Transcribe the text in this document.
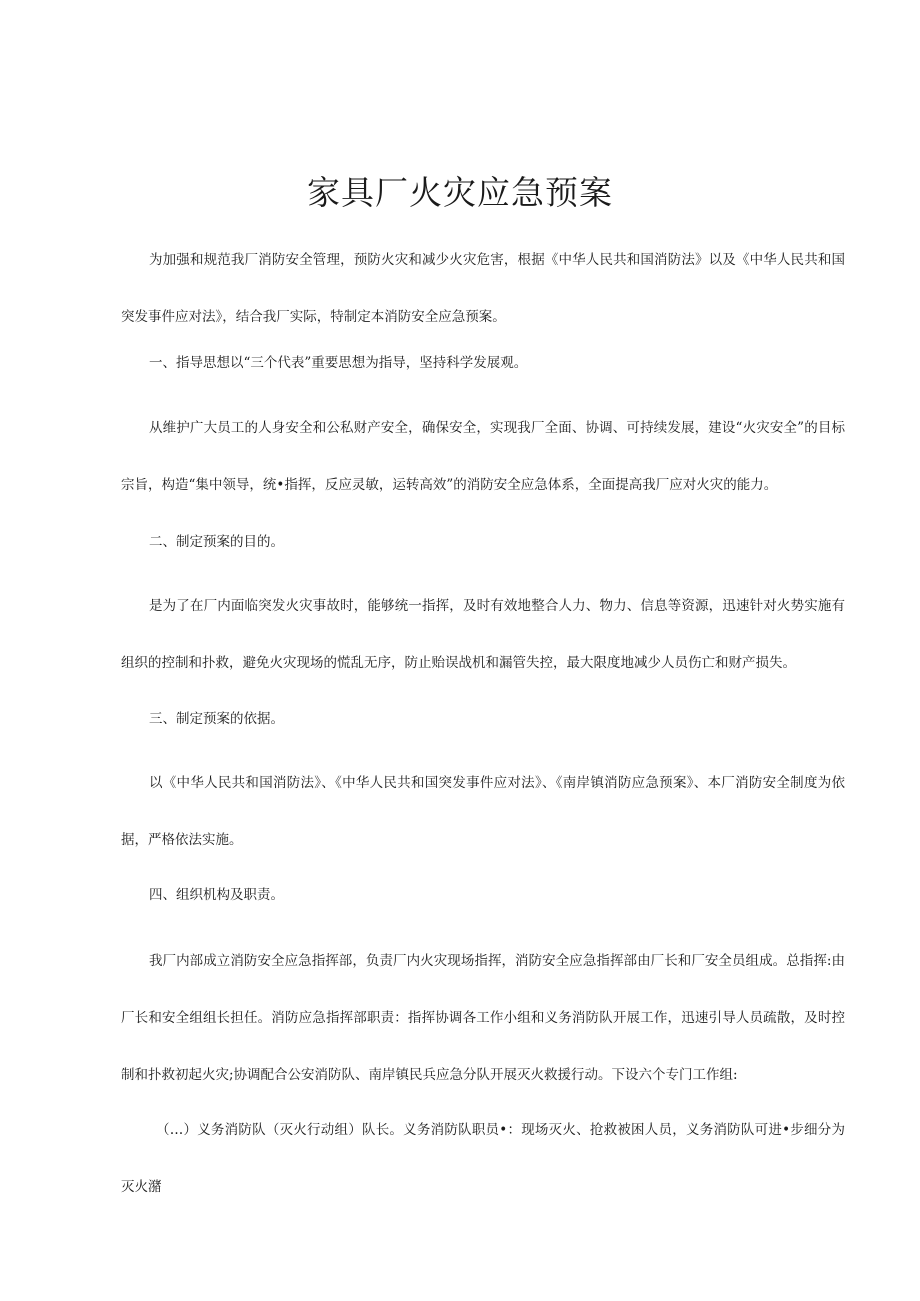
家具厂火灾应急预案

为加强和规范我厂消防安全管理，预防火灾和减少火灾危害，根据《中华人民共和国消防法》以及《中华人民共和国突发事件应对法》，结合我厂实际，特制定本消防安全应急预案。

一、指导思想以“三个代表”重要思想为指导，坚持科学发展观。

从维护广大员工的人身安全和公私财产安全，确保安全，实现我厂全面、协调、可持续发展，建设“火灾安全”的目标宗旨，构造“集中领导，统•指挥，反应灵敏，运转高效”的消防安全应急体系，全面提高我厂应对火灾的能力。

二、制定预案的目的。

是为了在厂内面临突发火灾事故时，能够统一指挥，及时有效地整合人力、物力、信息等资源，迅速针对火势实施有组织的控制和扑救，避免火灾现场的慌乱无序，防止贻误战机和漏管失控，最大限度地减少人员伤亡和财产损失。

三、制定预案的依据。

以《中华人民共和国消防法》、《中华人民共和国突发事件应对法》、《南岸镇消防应急预案》、本厂消防安全制度为依据，严格依法实施。

四、组织机构及职责。

我厂内部成立消防安全应急指挥部，负责厂内火灾现场指挥，消防安全应急指挥部由厂长和厂安全员组成。总指挥:由厂长和安全组组长担任。消防应急指挥部职责：指挥协调各工作小组和义务消防队开展工作，迅速引导人员疏散，及时控制和扑救初起火灾;协调配合公安消防队、南岸镇民兵应急分队开展灭火救援行动。下设六个专门工作组:

（…）义务消防队（灭火行动组）队长。义务消防队职员•：现场灭火、抢救被困人员，义务消防队可进•步细分为灭火潴
